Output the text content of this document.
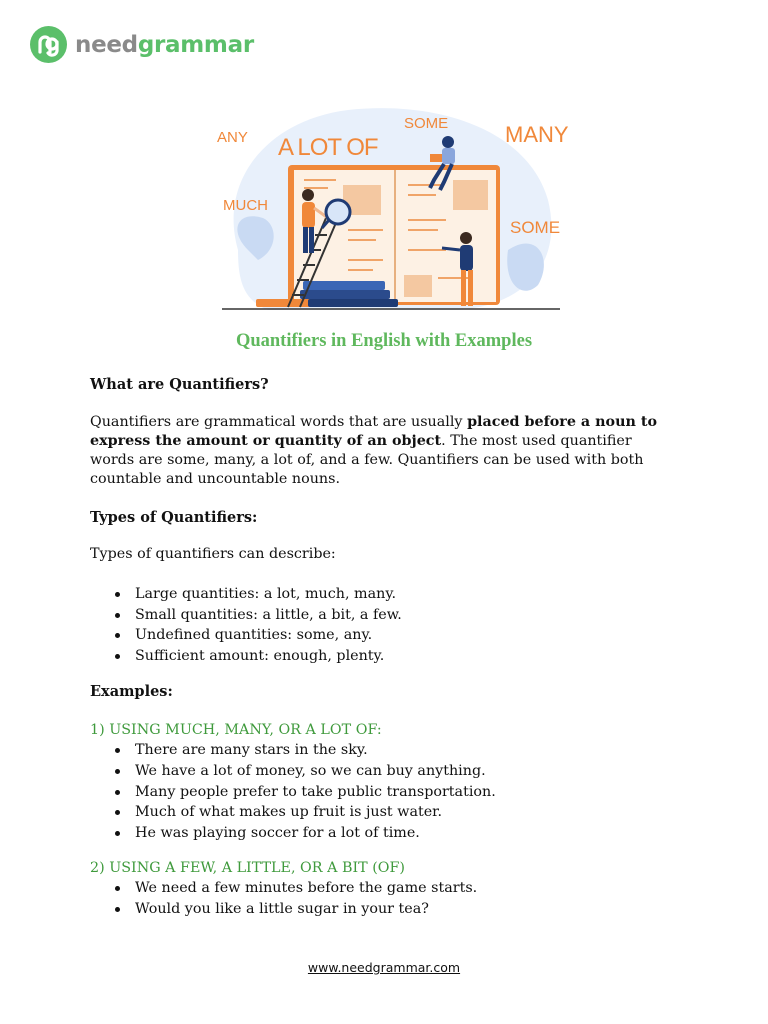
needgrammar
ANY A LOT OF
SOME	MANY
MUCH
SOME
Quantifiers in English with Examples

What are Quantifiers?

Quantifiers are grammatical words that are usually placed before a noun to express the amount or quantity of an object. The most used quantifier words are some, many, a lot of, and a few. Quantifiers can be used with both countable and uncountable nouns.

Types of Quantifiers:

Types of quantifiers can describe:

Large quantities: a lot, much, many.
Small quantities: a little, a bit, a few.
Undefined quantities: some, any.
Sufficient amount: enough, plenty.

Examples:

1) USING MUCH, MANY, OR A LOT OF:

There are many stars in the sky.
We have a lot of money, so we can buy anything.
Many people prefer to take public transportation.
Much of what makes up fruit is just water.
He was playing soccer for a lot of time.

2) USING A FEW, A LITTLE, OR A BIT (OF)

We need a few minutes before the game starts.
Would you like a little sugar in your tea?
www.needgrammar.com
